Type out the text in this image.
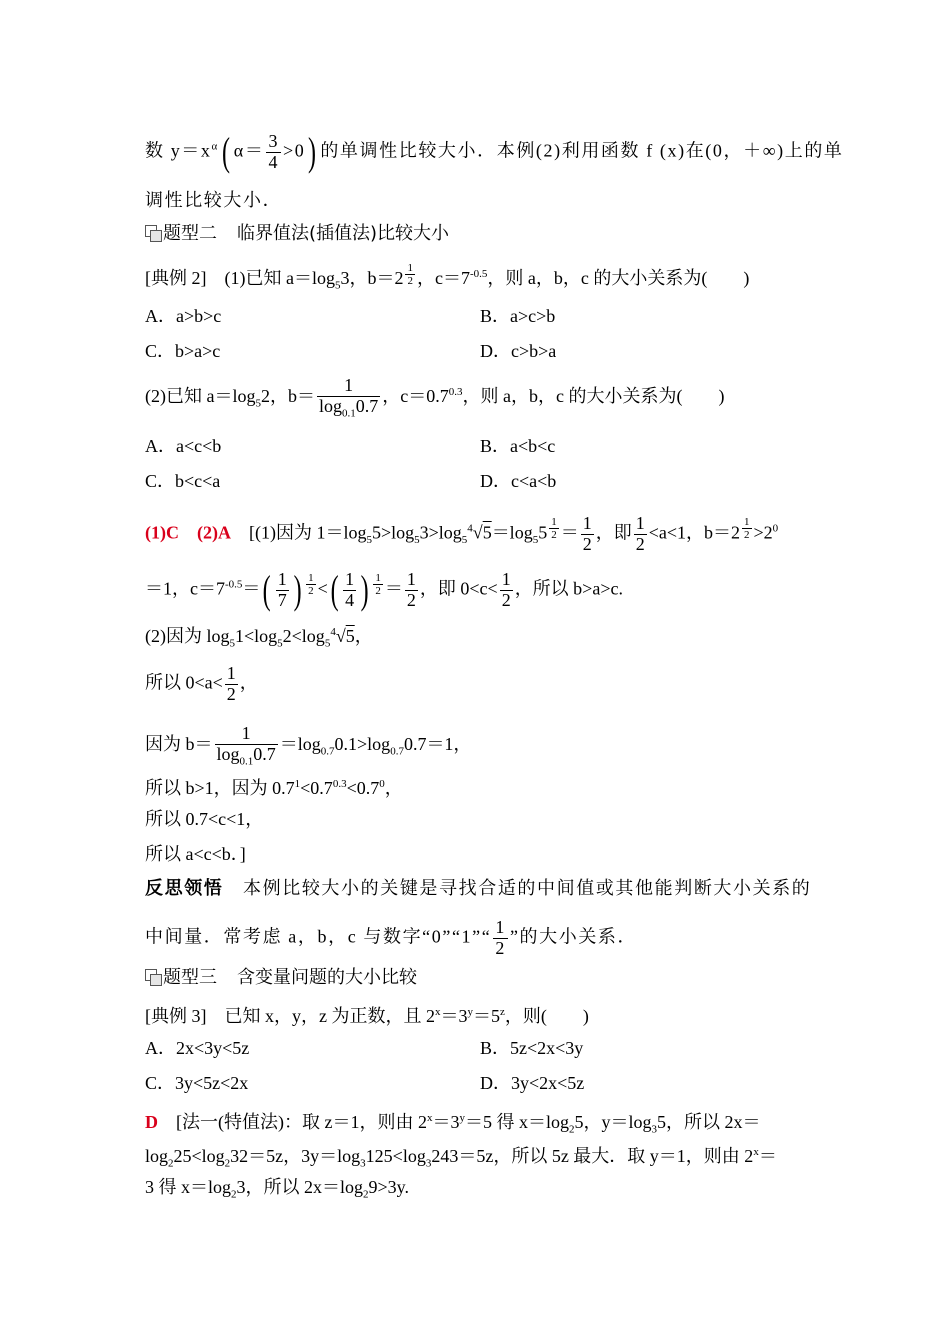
数 $y=x^\alpha$( $\alpha= \frac{3}{4} >0$) 的单调性比较大小．本例(2)利用函数 f (x)在(0，＋∞)上的单
调性比较大小．
题型二 临界值法(插值法)比较大小
[典例 2]　 (1)已知 $a=\log_53$，b＝2 $^{\frac{1}{2}}$ ，$c=7^{-0.5}$，则 a，b，c 的大小关系为(　　)
A．a>b>c	B．a>c>b
C．b>a>c	D．c>b>a
(2)已知 $a=\log_52$，$b= \frac{1}{\log_{0.1}0.7}$ ，$c=0.7^{0.3}$，则 a，b，c 的大小关系为(　　)
A．a<c<b	B．a<b<c
C．b<c<a	D．c<a<b
(1)C　 (2)A　 [(1)因为 $1=\log_55>\log_53>\log_5^4√5=\log_55$ $^{\frac{1}{2}} = \frac{1}{2}$ ，即 $\frac{1}{2} <a<1$，b＝2 $^{\frac{1}{2}} >2^0$
＝1，$c=7^{-0.5}=( \frac{1}{7}$ ) $^{\frac{1}{2}}$ <( $\frac{1}{4}$ ) $^{\frac{1}{2}} = \frac{1}{2}$ ，即 $0<c< \frac{1}{2}$ ，所以 b>a>c.
(2)因为 $\log_51<\log_52<\log_5^4√5$，
所以 $0<a< \frac{1}{2}$ ，
因为 $b= \frac{1}{\log_{0.1}0.7} =\log_{0.7}0.1>\log_{0.7}0.7=1$，
所以 b>1，因为 $0.7^1<0.7^{0.3}<0.7^0$，
所以 0.7<c<1，
所以 a<c<b．]
反思领悟　 本例比较大小的关键是寻找合适的中间值或其他能判断大小关系的
中间量．常考虑 a，b，c 与数字“0”“1”“ $\frac{1}{2}$ ”的大小关系．
题型三 含变量问题的大小比较
[典例 3]　 已知 x，y，z 为正数，且 $2^x=3^y=5^z$，则(　　)
A．2x<3y<5z	B．5z<2x<3y
C．3y<5z<2x	D．3y<2x<5z
D　 [法一(特值法)：取 z＝1，则由 $2^x=3^y=5$ 得 $x=\log_25$，$y=\log_35$，所以 2x＝
$\log_225<\log_232=5z$，$3y=\log_3125<\log_3243=5z$，所以 5z 最大．取 y＝1，则由 $2^x=$
3 得 $x=\log_23$，所以 $2x=\log_29>3y$.
